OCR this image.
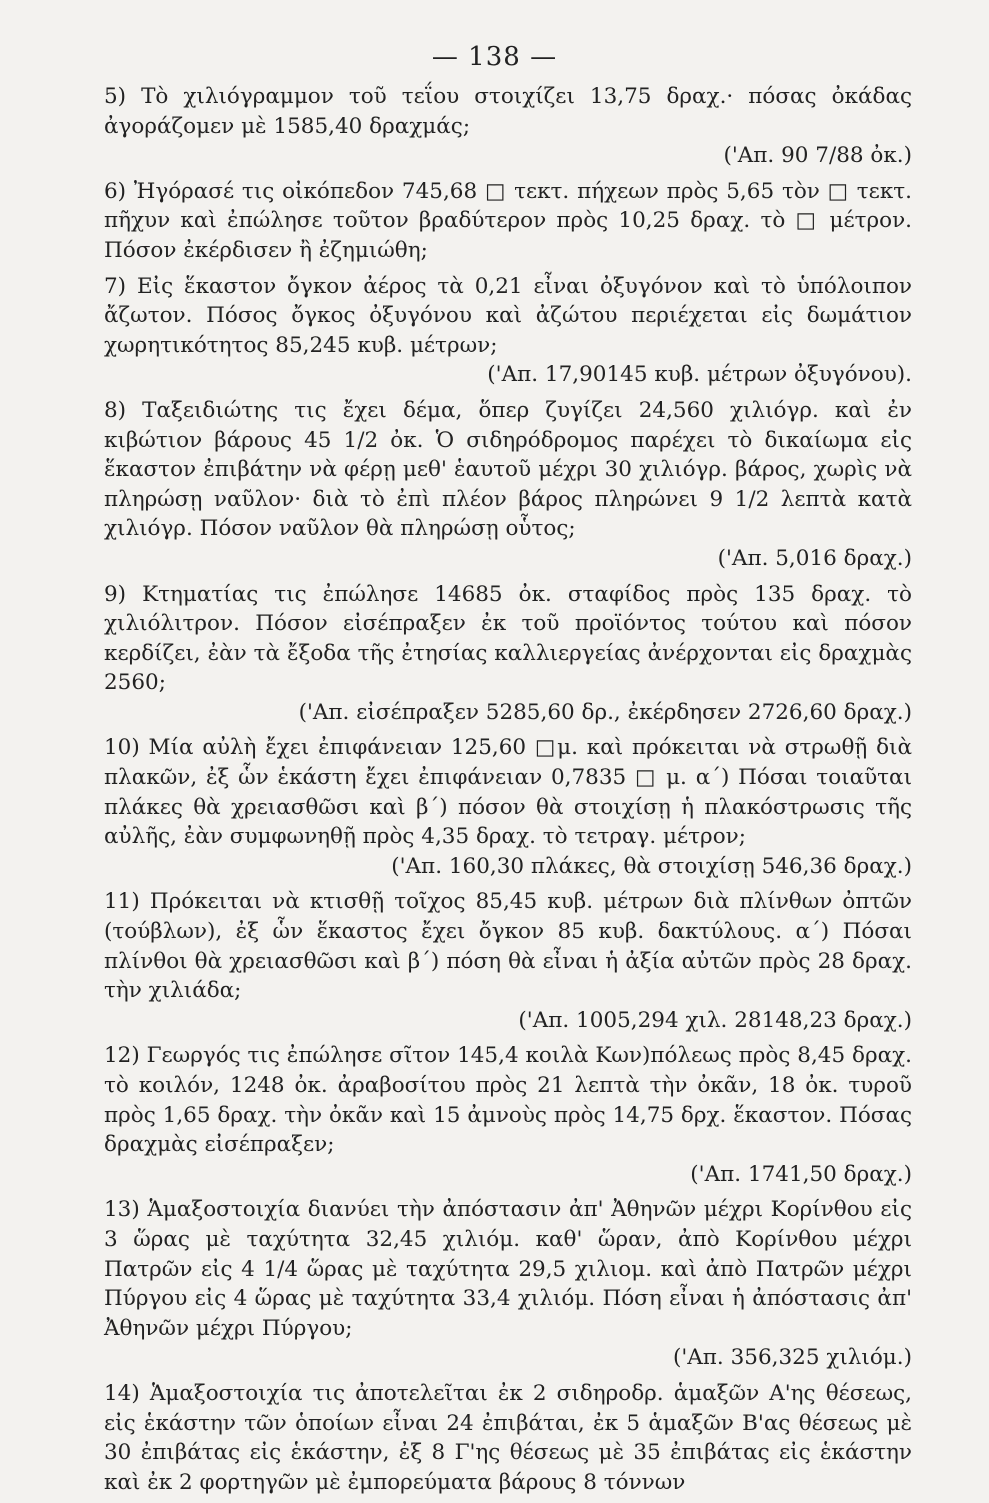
— 138 —

5) Τὸ χιλιόγραμμον τοῦ τεΐου στοιχίζει 13,75 δραχ.· πόσας ὀκάδας ἀγοράζομεν μὲ 1585,40 δραχμάς;
('Απ. 90 7/88 ὀκ.)

6) Ἠγόρασέ τις οἰκόπεδον 745,68 □ τεκτ. πήχεων πρὸς 5,65 τὸν □ τεκτ. πῆχυν καὶ ἐπώλησε τοῦτον βραδύτερον πρὸς 10,25 δραχ. τὸ □ μέτρον. Πόσον ἐκέρδισεν ἢ ἐζημιώθη;

7) Εἰς ἕκαστον ὄγκον ἀέρος τὰ 0,21 εἶναι ὀξυγόνον καὶ τὸ ὑπόλοιπον ἄζωτον. Πόσος ὄγκος ὀξυγόνου καὶ ἀζώτου περιέχεται εἰς δωμάτιον χωρητικότητος 85,245 κυβ. μέτρων;
('Απ. 17,90145 κυβ. μέτρων ὀξυγόνου).

8) Ταξειδιώτης τις ἔχει δέμα, ὅπερ ζυγίζει 24,560 χιλιόγρ. καὶ ἐν κιβώτιον βάρους 45 1/2 ὀκ. Ὁ σιδηρόδρομος παρέχει τὸ δικαίωμα εἰς ἕκαστον ἐπιβάτην νὰ φέρῃ μεθ' ἑαυτοῦ μέχρι 30 χιλιόγρ. βάρος, χωρὶς νὰ πληρώσῃ ναῦλον· διὰ τὸ ἐπὶ πλέον βάρος πληρώνει 9 1/2 λεπτὰ κατὰ χιλιόγρ. Πόσον ναῦλον θὰ πληρώσῃ οὗτος;
('Απ. 5,016 δραχ.)

9) Κτηματίας τις ἐπώλησε 14685 ὀκ. σταφίδος πρὸς 135 δραχ. τὸ χιλιόλιτρον. Πόσον εἰσέπραξεν ἐκ τοῦ προϊόντος τούτου καὶ πόσον κερδίζει, ἐὰν τὰ ἔξοδα τῆς ἐτησίας καλλιεργείας ἀνέρχονται εἰς δραχμὰς 2560;
('Απ. εἰσέπραξεν 5285,60 δρ., ἐκέρδησεν 2726,60 δραχ.)

10) Μία αὐλὴ ἔχει ἐπιφάνειαν 125,60 □μ. καὶ πρόκειται νὰ στρωθῇ διὰ πλακῶν, ἐξ ὧν ἑκάστη ἔχει ἐπιφάνειαν 0,7835 □ μ. α΄) Πόσαι τοιαῦται πλάκες θὰ χρειασθῶσι καὶ β΄) πόσον θὰ στοιχίσῃ ἡ πλακόστρωσις τῆς αὐλῆς, ἐὰν συμφωνηθῇ πρὸς 4,35 δραχ. τὸ τετραγ. μέτρον;
('Απ. 160,30 πλάκες, θὰ στοιχίσῃ 546,36 δραχ.)

11) Πρόκειται νὰ κτισθῇ τοῖχος 85,45 κυβ. μέτρων διὰ πλίνθων ὀπτῶν (τούβλων), ἐξ ὧν ἕκαστος ἔχει ὄγκον 85 κυβ. δακτύλους. α΄) Πόσαι πλίνθοι θὰ χρειασθῶσι καὶ β΄) πόση θὰ εἶναι ἡ ἀξία αὐτῶν πρὸς 28 δραχ. τὴν χιλιάδα;
('Απ. 1005,294 χιλ. 28148,23 δραχ.)

12) Γεωργός τις ἐπώλησε σῖτον 145,4 κοιλὰ Κων)πόλεως πρὸς 8,45 δραχ. τὸ κοιλόν, 1248 ὀκ. ἀραβοσίτου πρὸς 21 λεπτὰ τὴν ὀκᾶν, 18 ὀκ. τυροῦ πρὸς 1,65 δραχ. τὴν ὀκᾶν καὶ 15 ἀμνοὺς πρὸς 14,75 δρχ. ἕκαστον. Πόσας δραχμὰς εἰσέπραξεν;
('Απ. 1741,50 δραχ.)

13) Ἁμαξοστοιχία διανύει τὴν ἀπόστασιν ἀπ' Ἀθηνῶν μέχρι Κορίνθου εἰς 3 ὥρας μὲ ταχύτητα 32,45 χιλιόμ. καθ' ὥραν, ἀπὸ Κορίνθου μέχρι Πατρῶν εἰς 4 1/4 ὥρας μὲ ταχύτητα 29,5 χιλιομ. καὶ ἀπὸ Πατρῶν μέχρι Πύργου εἰς 4 ὥρας μὲ ταχύτητα 33,4 χιλιόμ. Πόση εἶναι ἡ ἀπόστασις ἀπ' Ἀθηνῶν μέχρι Πύργου;
('Απ. 356,325 χιλιόμ.)

14) Ἁμαξοστοιχία τις ἀποτελεῖται ἐκ 2 σιδηροδρ. ἁμαξῶν Α'ης θέσεως, εἰς ἑκάστην τῶν ὁποίων εἶναι 24 ἐπιβάται, ἐκ 5 ἁμαξῶν Β'ας θέσεως μὲ 30 ἐπιβάτας εἰς ἑκάστην, ἐξ 8 Γ'ης θέσεως μὲ 35 ἐπιβάτας εἰς ἑκάστην καὶ ἐκ 2 φορτηγῶν μὲ ἐμπορεύματα βάρους 8 τόννων
